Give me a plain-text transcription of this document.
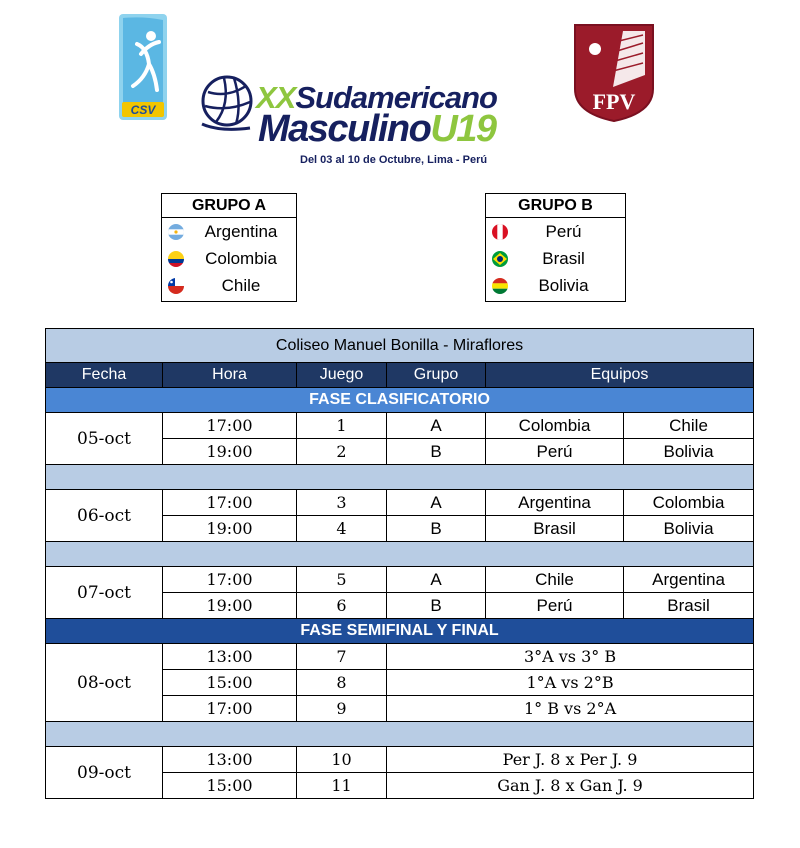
CSV	FPV
XXSudamericano
MasculinoU19
Del 03 al 10 de Octubre, Lima - Perú
GRUPO A
Argentina
Colombia
Chile
GRUPO B
Perú
Brasil
Bolivia
Coliseo Manuel Bonilla - Miraflores					
Fecha	Hora	Juego	Grupo	Equipos	
FASE CLASIFICATORIO					
05-oct	17:00	1	A	Colombia	Chile
	19:00	2	B	Perú	Bolivia

06-oct	17:00	3	A	Argentina	Colombia
	19:00	4	B	Brasil	Bolivia

07-oct	17:00	5	A	Chile	Argentina
	19:00	6	B	Perú	Brasil
FASE SEMIFINAL Y FINAL					
08-oct	13:00	7	3°A vs 3° B		
	15:00	8	1°A vs 2°B		
	17:00	9	1° B vs 2°A		

09-oct	13:00	10	Per J. 8 x Per J. 9		
	15:00	11	Gan J. 8 x Gan J. 9		
